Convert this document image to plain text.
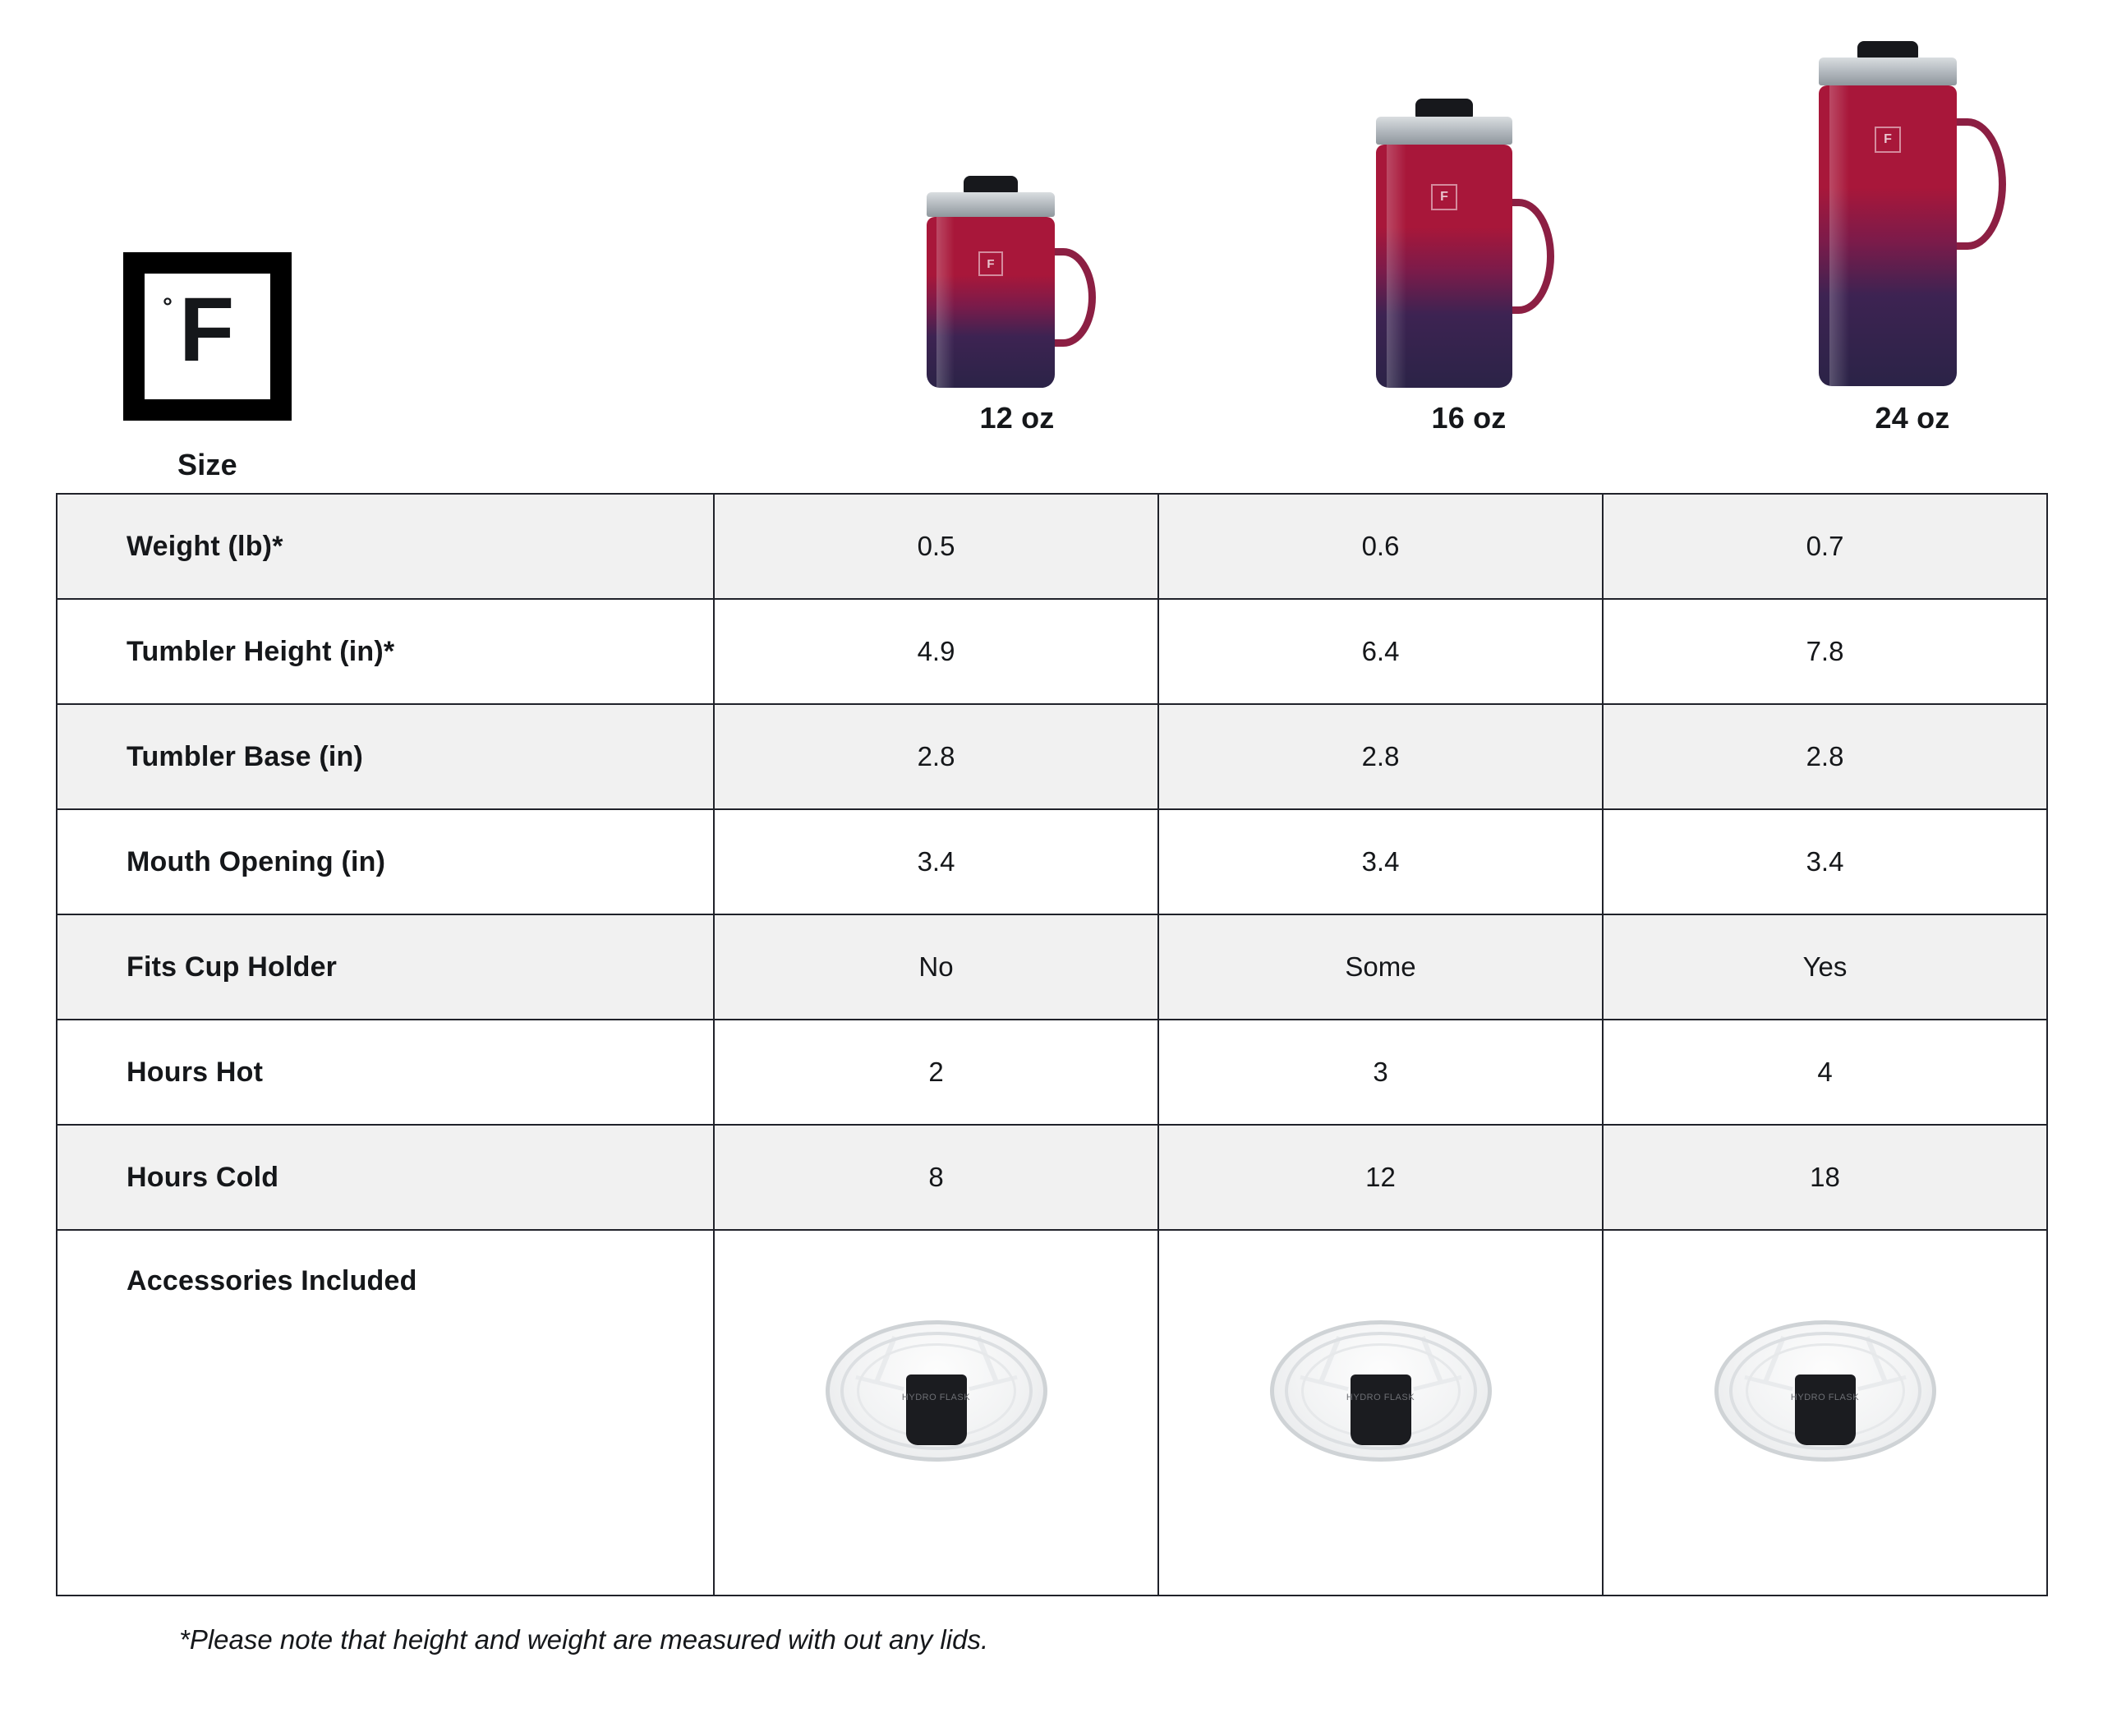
° F
Size
F
12 oz
F
16 oz
F
24 oz
Weight (lb)*	0.5	0.6	0.7
Tumbler Height (in)*	4.9	6.4	7.8
Tumbler Base (in)	2.8	2.8	2.8
Mouth Opening (in)	3.4	3.4	3.4
Fits Cup Holder	No	Some	Yes
Hours Hot	2	3	4
Hours Cold	8	12	18
Accessories Included	HYDRO FLASK	HYDRO FLASK	HYDRO FLASK
*Please note that height and weight are measured with out any lids.
